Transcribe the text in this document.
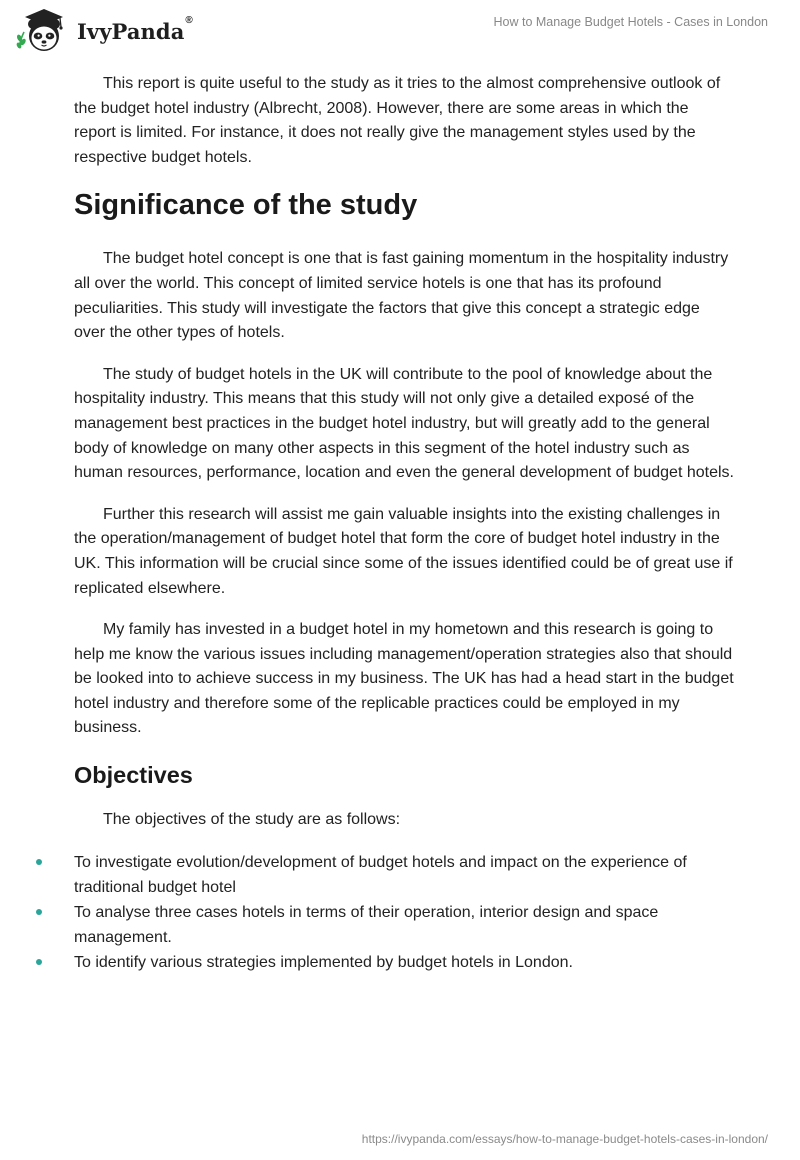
IvyPanda®	How to Manage Budget Hotels - Cases in London

This report is quite useful to the study as it tries to the almost comprehensive outlook of the budget hotel industry (Albrecht, 2008). However, there are some areas in which the report is limited. For instance, it does not really give the management styles used by the respective budget hotels.

Significance of the study

The budget hotel concept is one that is fast gaining momentum in the hospitality industry all over the world. This concept of limited service hotels is one that has its profound peculiarities. This study will investigate the factors that give this concept a strategic edge over the other types of hotels.

The study of budget hotels in the UK will contribute to the pool of knowledge about the hospitality industry. This means that this study will not only give a detailed exposé of the management best practices in the budget hotel industry, but will greatly add to the general body of knowledge on many other aspects in this segment of the hotel industry such as human resources, performance, location and even the general development of budget hotels.

Further this research will assist me gain valuable insights into the existing challenges in the operation/management of budget hotel that form the core of budget hotel industry in the UK. This information will be crucial since some of the issues identified could be of great use if replicated elsewhere.

My family has invested in a budget hotel in my hometown and this research is going to help me know the various issues including management/operation strategies also that should be looked into to achieve success in my business. The UK has had a head start in the budget hotel industry and therefore some of the replicable practices could be employed in my business.

Objectives

The objectives of the study are as follows:

To investigate evolution/development of budget hotels and impact on the experience of traditional budget hotel
To analyse three cases hotels in terms of their operation, interior design and space management.
To identify various strategies implemented by budget hotels in London.
https://ivypanda.com/essays/how-to-manage-budget-hotels-cases-in-london/
